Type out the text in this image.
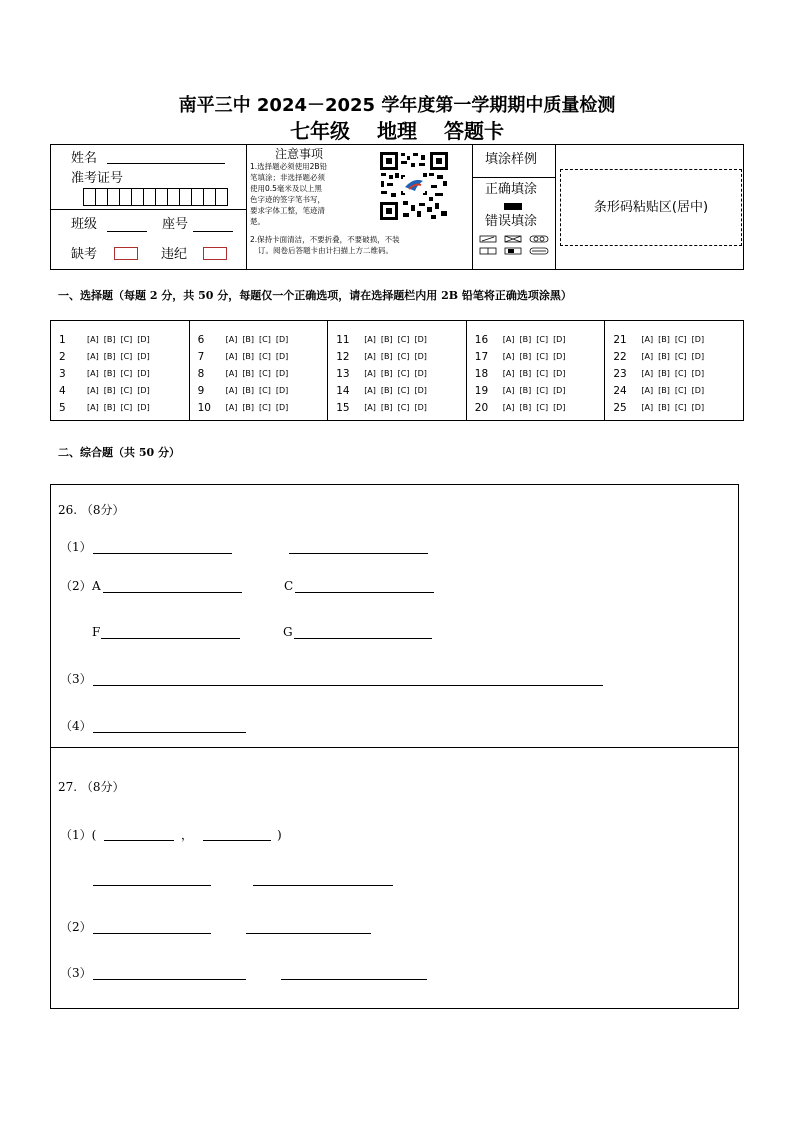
南平三中 2024－2025 学年度第一学期期中质量检测
七年级 地理 答题卡
姓名
准考证号
班级	座号
缺考	违纪
注意事项
1.选择题必须使用2B铅
笔填涂；非选择题必须
使用0.5毫米及以上黑
色字迹的签字笔书写，
要求字体工整，笔迹清
楚。
2.保持卡面清洁，不要折叠，不要破损，不装
订。阅卷后答题卡由计扫描上方二维码。
填涂样例
正确填涂
错误填涂
条形码粘贴区(居中)
一、选择题（每题 2 分，共 50 分，每题仅一个正确选项，请在选择题栏内用 2B 铅笔将正确选项涂黑）
1	[A] [B] [C] [D]
2	[A] [B] [C] [D]
3	[A] [B] [C] [D]
4	[A] [B] [C] [D]
5	[A] [B] [C] [D]
6	[A] [B] [C] [D]
7	[A] [B] [C] [D]
8	[A] [B] [C] [D]
9	[A] [B] [C] [D]
10	[A] [B] [C] [D]
11	[A] [B] [C] [D]
12	[A] [B] [C] [D]
13	[A] [B] [C] [D]
14	[A] [B] [C] [D]
15	[A] [B] [C] [D]
16	[A] [B] [C] [D]
17	[A] [B] [C] [D]
18	[A] [B] [C] [D]
19	[A] [B] [C] [D]
20	[A] [B] [C] [D]
21	[A] [B] [C] [D]
22	[A] [B] [C] [D]
23	[A] [B] [C] [D]
24	[A] [B] [C] [D]
25	[A] [B] [C] [D]
二、综合题（共 50 分）
26. （8分）
（1）
（2） A	C
F	G
（3）
（4）
27. （8分）
（1）(	，	)
（2）
（3）
